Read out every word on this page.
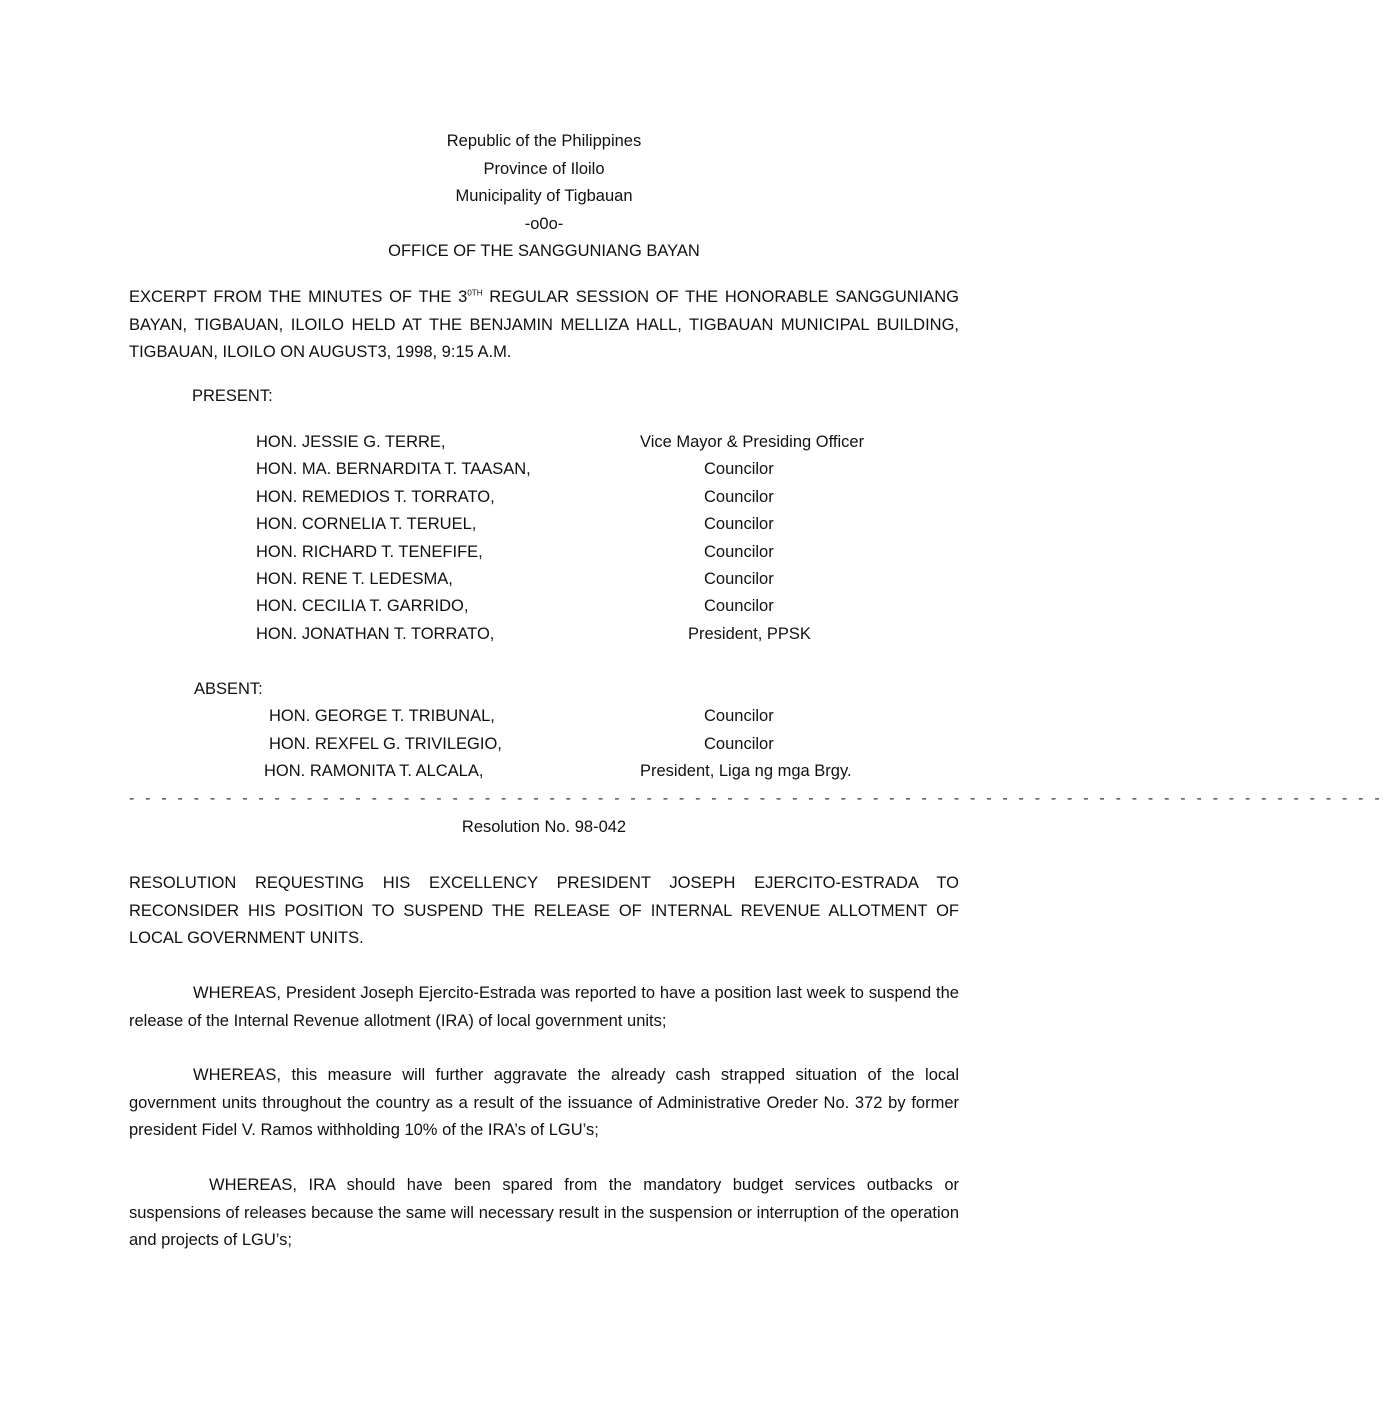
Republic of the Philippines
Province of Iloilo
Municipality of Tigbauan
-o0o-
OFFICE OF THE SANGGUNIANG BAYAN
EXCERPT FROM THE MINUTES OF THE $3^{0TH}$ REGULAR SESSION OF THE HONORABLE SANGGUNIANG BAYAN, TIGBAUAN, ILOILO HELD AT THE BENJAMIN MELLIZA HALL, TIGBAUAN MUNICIPAL BUILDING, TIGBAUAN, ILOILO ON AUGUST3, 1998, 9:15 A.M.
PRESENT:
HON. JESSIE G. TERRE,	Vice Mayor & Presiding Officer
HON. MA. BERNARDITA T. TAASAN,	Councilor
HON. REMEDIOS T. TORRATO,	Councilor
HON. CORNELIA T. TERUEL,	Councilor
HON. RICHARD T. TENEFIFE,	Councilor
HON. RENE T. LEDESMA,	Councilor
HON. CECILIA T. GARRIDO,	Councilor
HON. JONATHAN T. TORRATO,	President, PPSK
ABSENT:
HON. GEORGE T. TRIBUNAL,	Councilor
HON. REXFEL G. TRIVILEGIO,	Councilor
HON. RAMONITA T. ALCALA,	President, Liga ng mga Brgy.
- - - - - - - - - - - - - - - - - - - - - - - - - - - - - - - - - - - - - - - - - - - - - - - - - - - - - - - - - - - - - - - - - - - - - - - - - - - - - -
Resolution No. 98-042
RESOLUTION REQUESTING HIS EXCELLENCY PRESIDENT JOSEPH EJERCITO-ESTRADA TO RECONSIDER HIS POSITION TO SUSPEND THE RELEASE OF INTERNAL REVENUE ALLOTMENT OF LOCAL GOVERNMENT UNITS.
WHEREAS, President Joseph Ejercito-Estrada was reported to have a position last week to suspend the release of the Internal Revenue allotment (IRA) of local government units;
WHEREAS, this measure will further aggravate the already cash strapped situation of the local government units throughout the country as a result of the issuance of Administrative Oreder No. 372 by former president Fidel V. Ramos withholding 10% of the IRA’s of LGU’s;
WHEREAS, IRA should have been spared from the mandatory budget services outbacks or suspensions of releases because the same will necessary result in the suspension or interruption of the operation and projects of LGU’s;
